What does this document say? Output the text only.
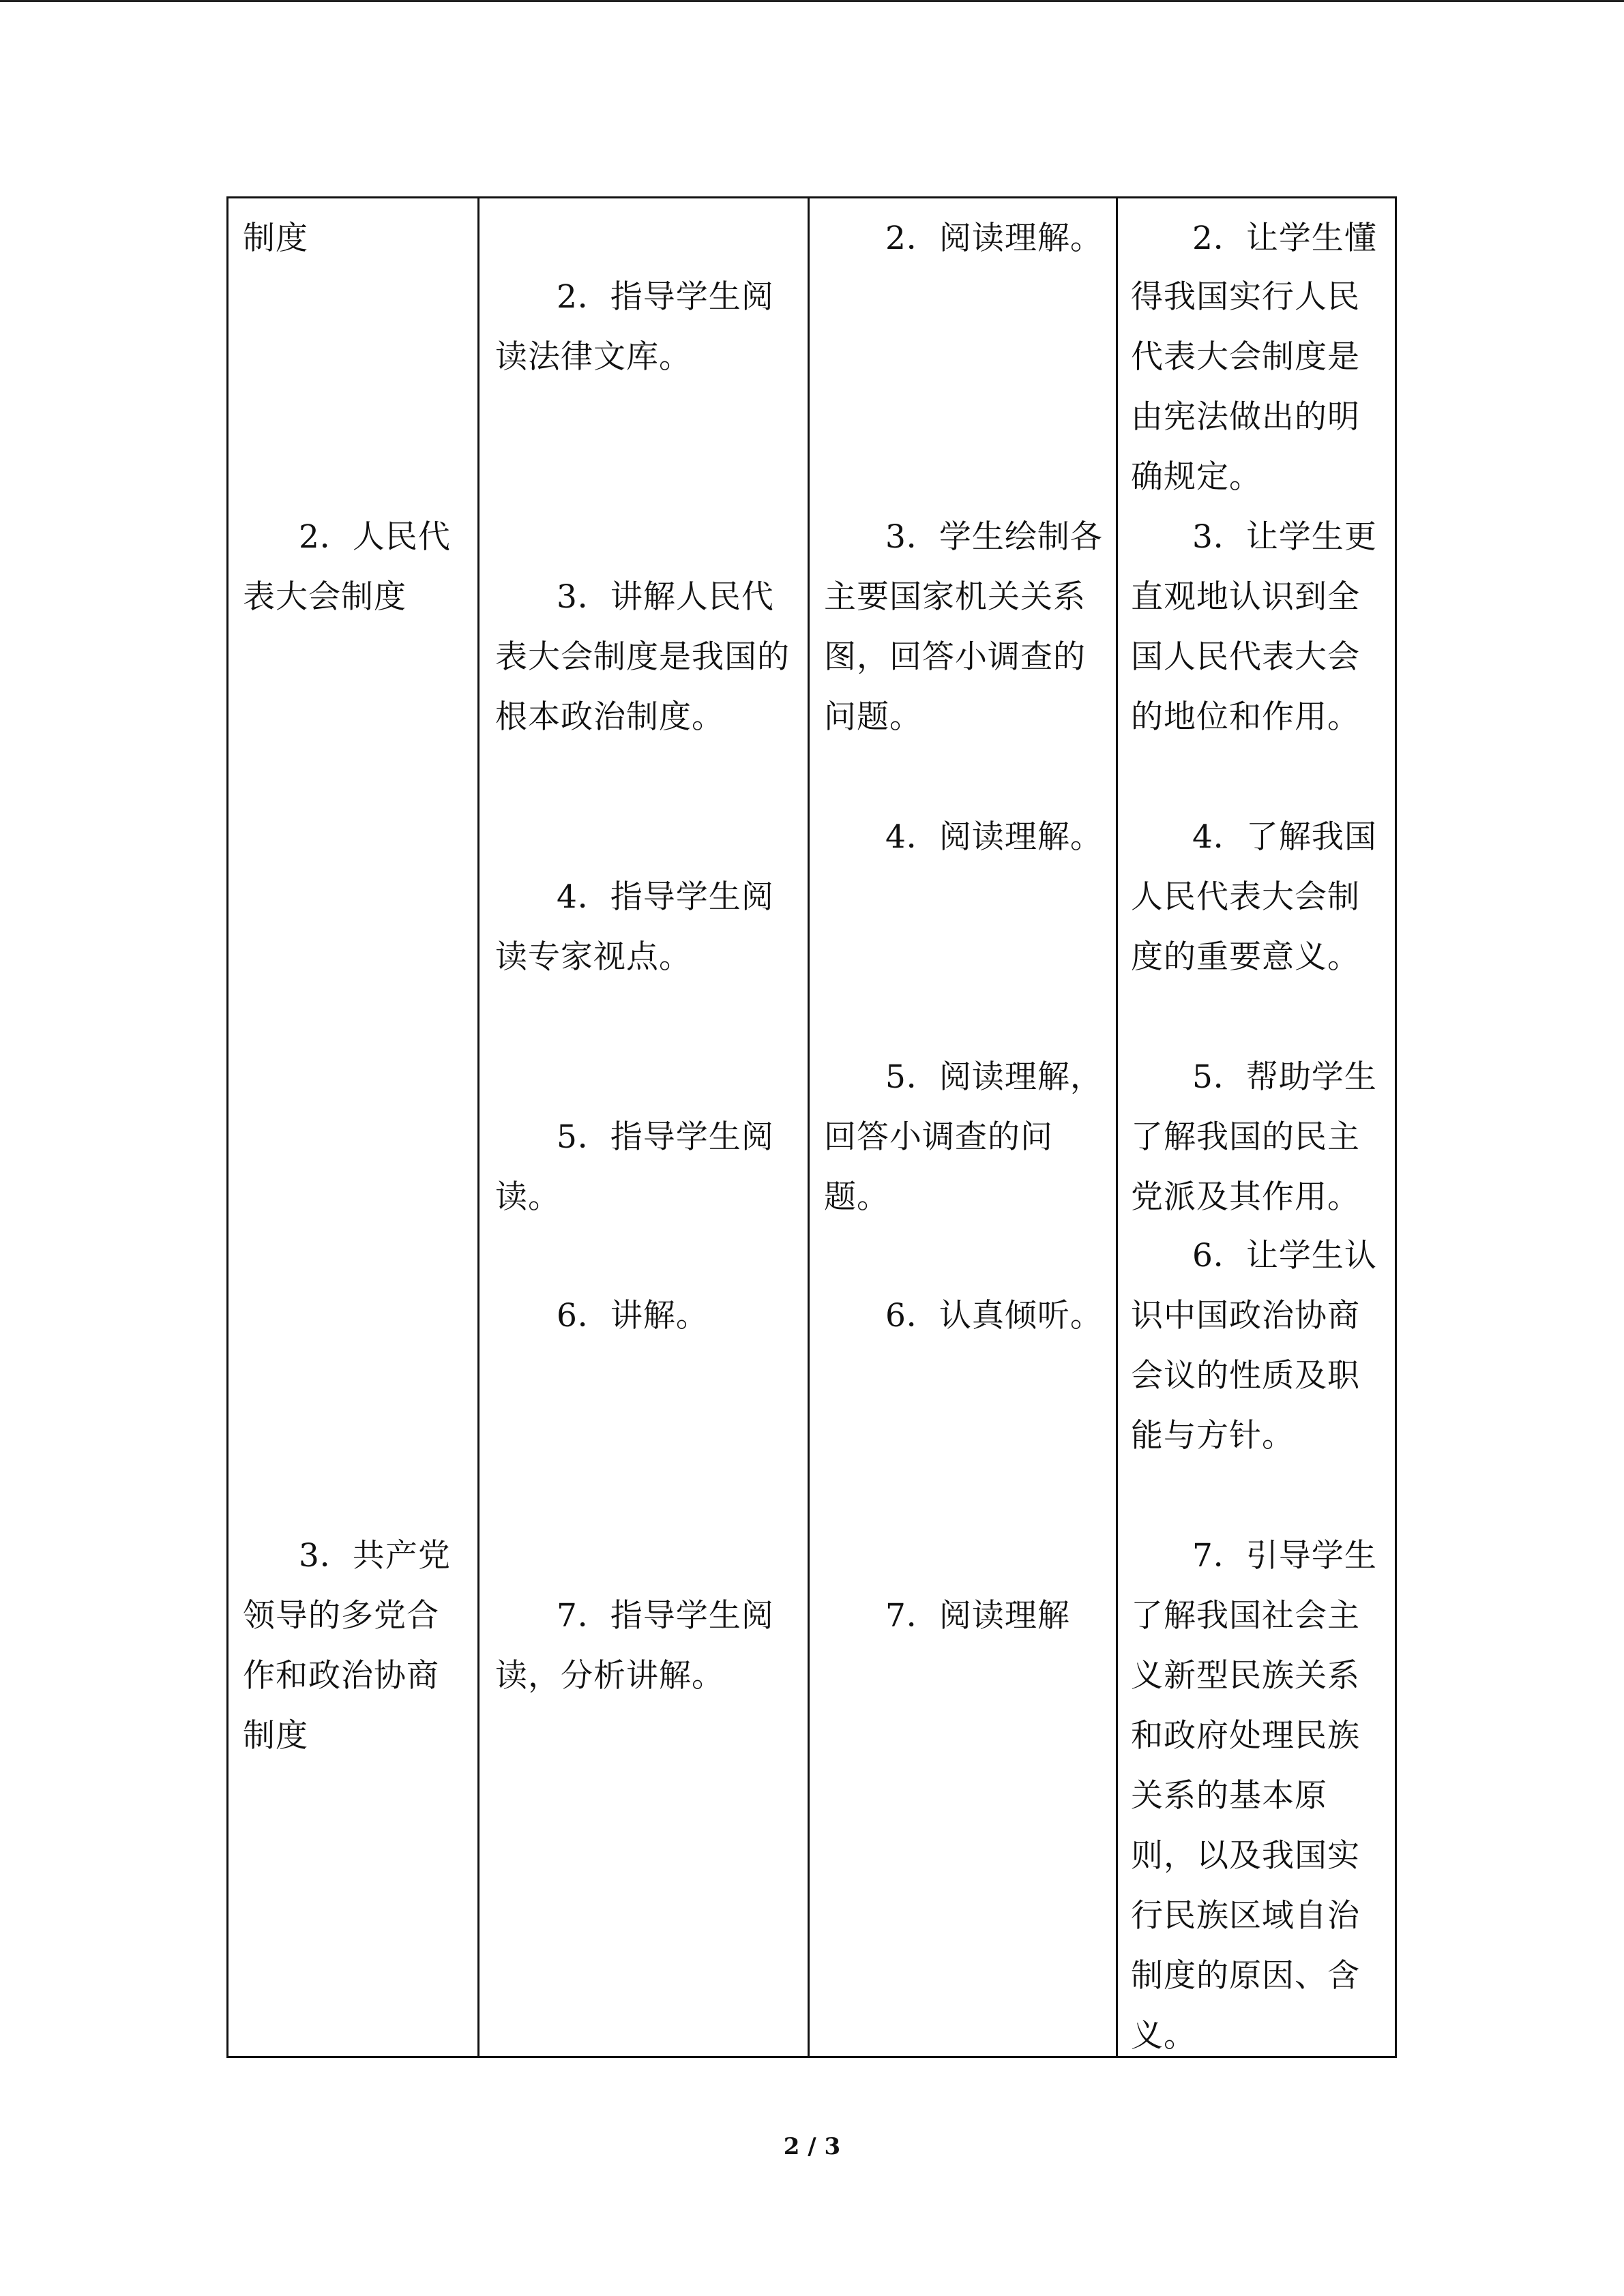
制度
2．人民代
表大会制度
3．共产党
领导的多党合
作和政治协商
制度
2．指导学生阅
读法律文库。
3．讲解人民代
表大会制度是我国的
根本政治制度。
4．指导学生阅
读专家视点。
5．指导学生阅
读。
6．讲解。
7．指导学生阅
读，分析讲解。
2．阅读理解。
3．学生绘制各
主要国家机关关系
图，回答小调查的
问题。
4．阅读理解。
5．阅读理解，
回答小调查的问
题。
6．认真倾听。
7．阅读理解
2．让学生懂
得我国实行人民
代表大会制度是
由宪法做出的明
确规定。
3．让学生更
直观地认识到全
国人民代表大会
的地位和作用。
4．了解我国
人民代表大会制
度的重要意义。
5．帮助学生
了解我国的民主
党派及其作用。
6．让学生认
识中国政治协商
会议的性质及职
能与方针。
7．引导学生
了解我国社会主
义新型民族关系
和政府处理民族
关系的基本原
则，以及我国实
行民族区域自治
制度的原因、含
义。
2 / 3
